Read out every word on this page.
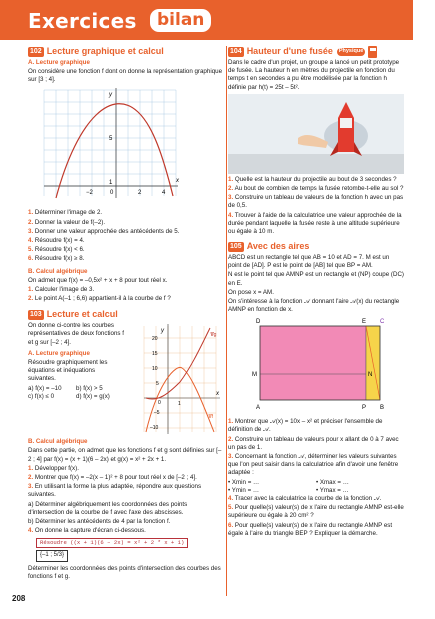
Exercices	bilan
102 Lecture graphique et calcul

A. Lecture graphique

On considère une fonction f dont on donne la représentation graphique sur [3 ; 4].

y
x
5
1
−2	0	2	4

1. Déterminer l'image de 2.

2. Donner la valeur de f(–2).

3. Donner une valeur approchée des antécédents de 5.

4. Résoudre f(x) = 4.

5. Résoudre f(x) < 6.

6. Résoudre f(x) ≥ 8.

B. Calcul algébrique

On admet que f(x) = –0,5x² + x + 8 pour tout réel x.

1. Calculer l'image de 3.

2. Le point A(–1 ; 6,6) appartient-il à la courbe de f ?

103 Lecture et calcul

On donne ci-contre les courbes représentatives de deux fonctions f et g sur [–2 ; 4].

A. Lecture graphique

Résoudre graphiquement les équations et inéquations suivantes.

a) f(x) = –10	b) f(x) > 5
c) f(x) ≤ 0	d) f(x) = g(x)
y
x
20
15
10
5
0
–5
–10
1
𝒞f
𝒞g

B. Calcul algébrique

Dans cette partie, on admet que les fonctions f et g sont définies sur [–2 ; 4] par f(x) = (x + 1)(6 – 2x) et g(x) = x² + 2x + 1.

1. Développer f(x).

2. Montrer que f(x) = –2(x – 1)² + 8 pour tout réel x de [–2 ; 4].

3. En utilisant la forme la plus adaptée, répondre aux questions suivantes.

a) Déterminer algébriquement les coordonnées des points d'intersection de la courbe de f avec l'axe des abscisses.

b) Déterminer les antécédents de 4 par la fonction f.

4. On donne la capture d'écran ci-dessous.

Résoudre ((x + 1)(6 – 2x) = x² + 2 * x + 1)
{–1 ; 5/3}

Déterminer les coordonnées des points d'intersection des courbes des fonctions f et g.

104 Hauteur d'une fusée	Physique

Dans le cadre d'un projet, un groupe a lancé un petit prototype de fusée. La hauteur h en mètres du projectile en fonction du temps t en secondes a pu être modélisée par la fonction h définie par h(t) = 25t – 5t².

1. Quelle est la hauteur du projectile au bout de 3 secondes ?

2. Au bout de combien de temps la fusée retombe-t-elle au sol ?

3. Construire un tableau de valeurs de la fonction h avec un pas de 0,5.

4. Trouver à l'aide de la calculatrice une valeur approchée de la durée pendant laquelle la fusée reste à une altitude supérieure ou égale à 10 m.

105 Avec des aires

ABCD est un rectangle tel que AB = 10 et AD = 7. M est un point de [AD]. P est le point de [AB] tel que BP = AM.

N est le point tel que AMNP est un rectangle et (NP) coupe (DC) en E.

On pose x = AM.

On s'intéresse à la fonction 𝒜 donnant l'aire 𝒜(x) du rectangle AMNP en fonction de x.

D	E C
M	N
A	P B

1. Montrer que 𝒜(x) = 10x – x² et préciser l'ensemble de définition de 𝒜.

2. Construire un tableau de valeurs pour x allant de 0 à 7 avec un pas de 1.

3. Concernant la fonction 𝒜, déterminer les valeurs suivantes que l'on peut saisir dans la calculatrice afin d'avoir une fenêtre adaptée :

• Xmin = …	• Xmax = …
• Ymin = …	• Ymax = …

4. Tracer avec la calculatrice la courbe de la fonction 𝒜.

5. Pour quelle(s) valeur(s) de x l'aire du rectangle AMNP est-elle supérieure ou égale à 20 cm² ?

6. Pour quelle(s) valeur(s) de x l'aire du rectangle AMNP est égale à l'aire du triangle BEP ? Expliquer la démarche.

208
